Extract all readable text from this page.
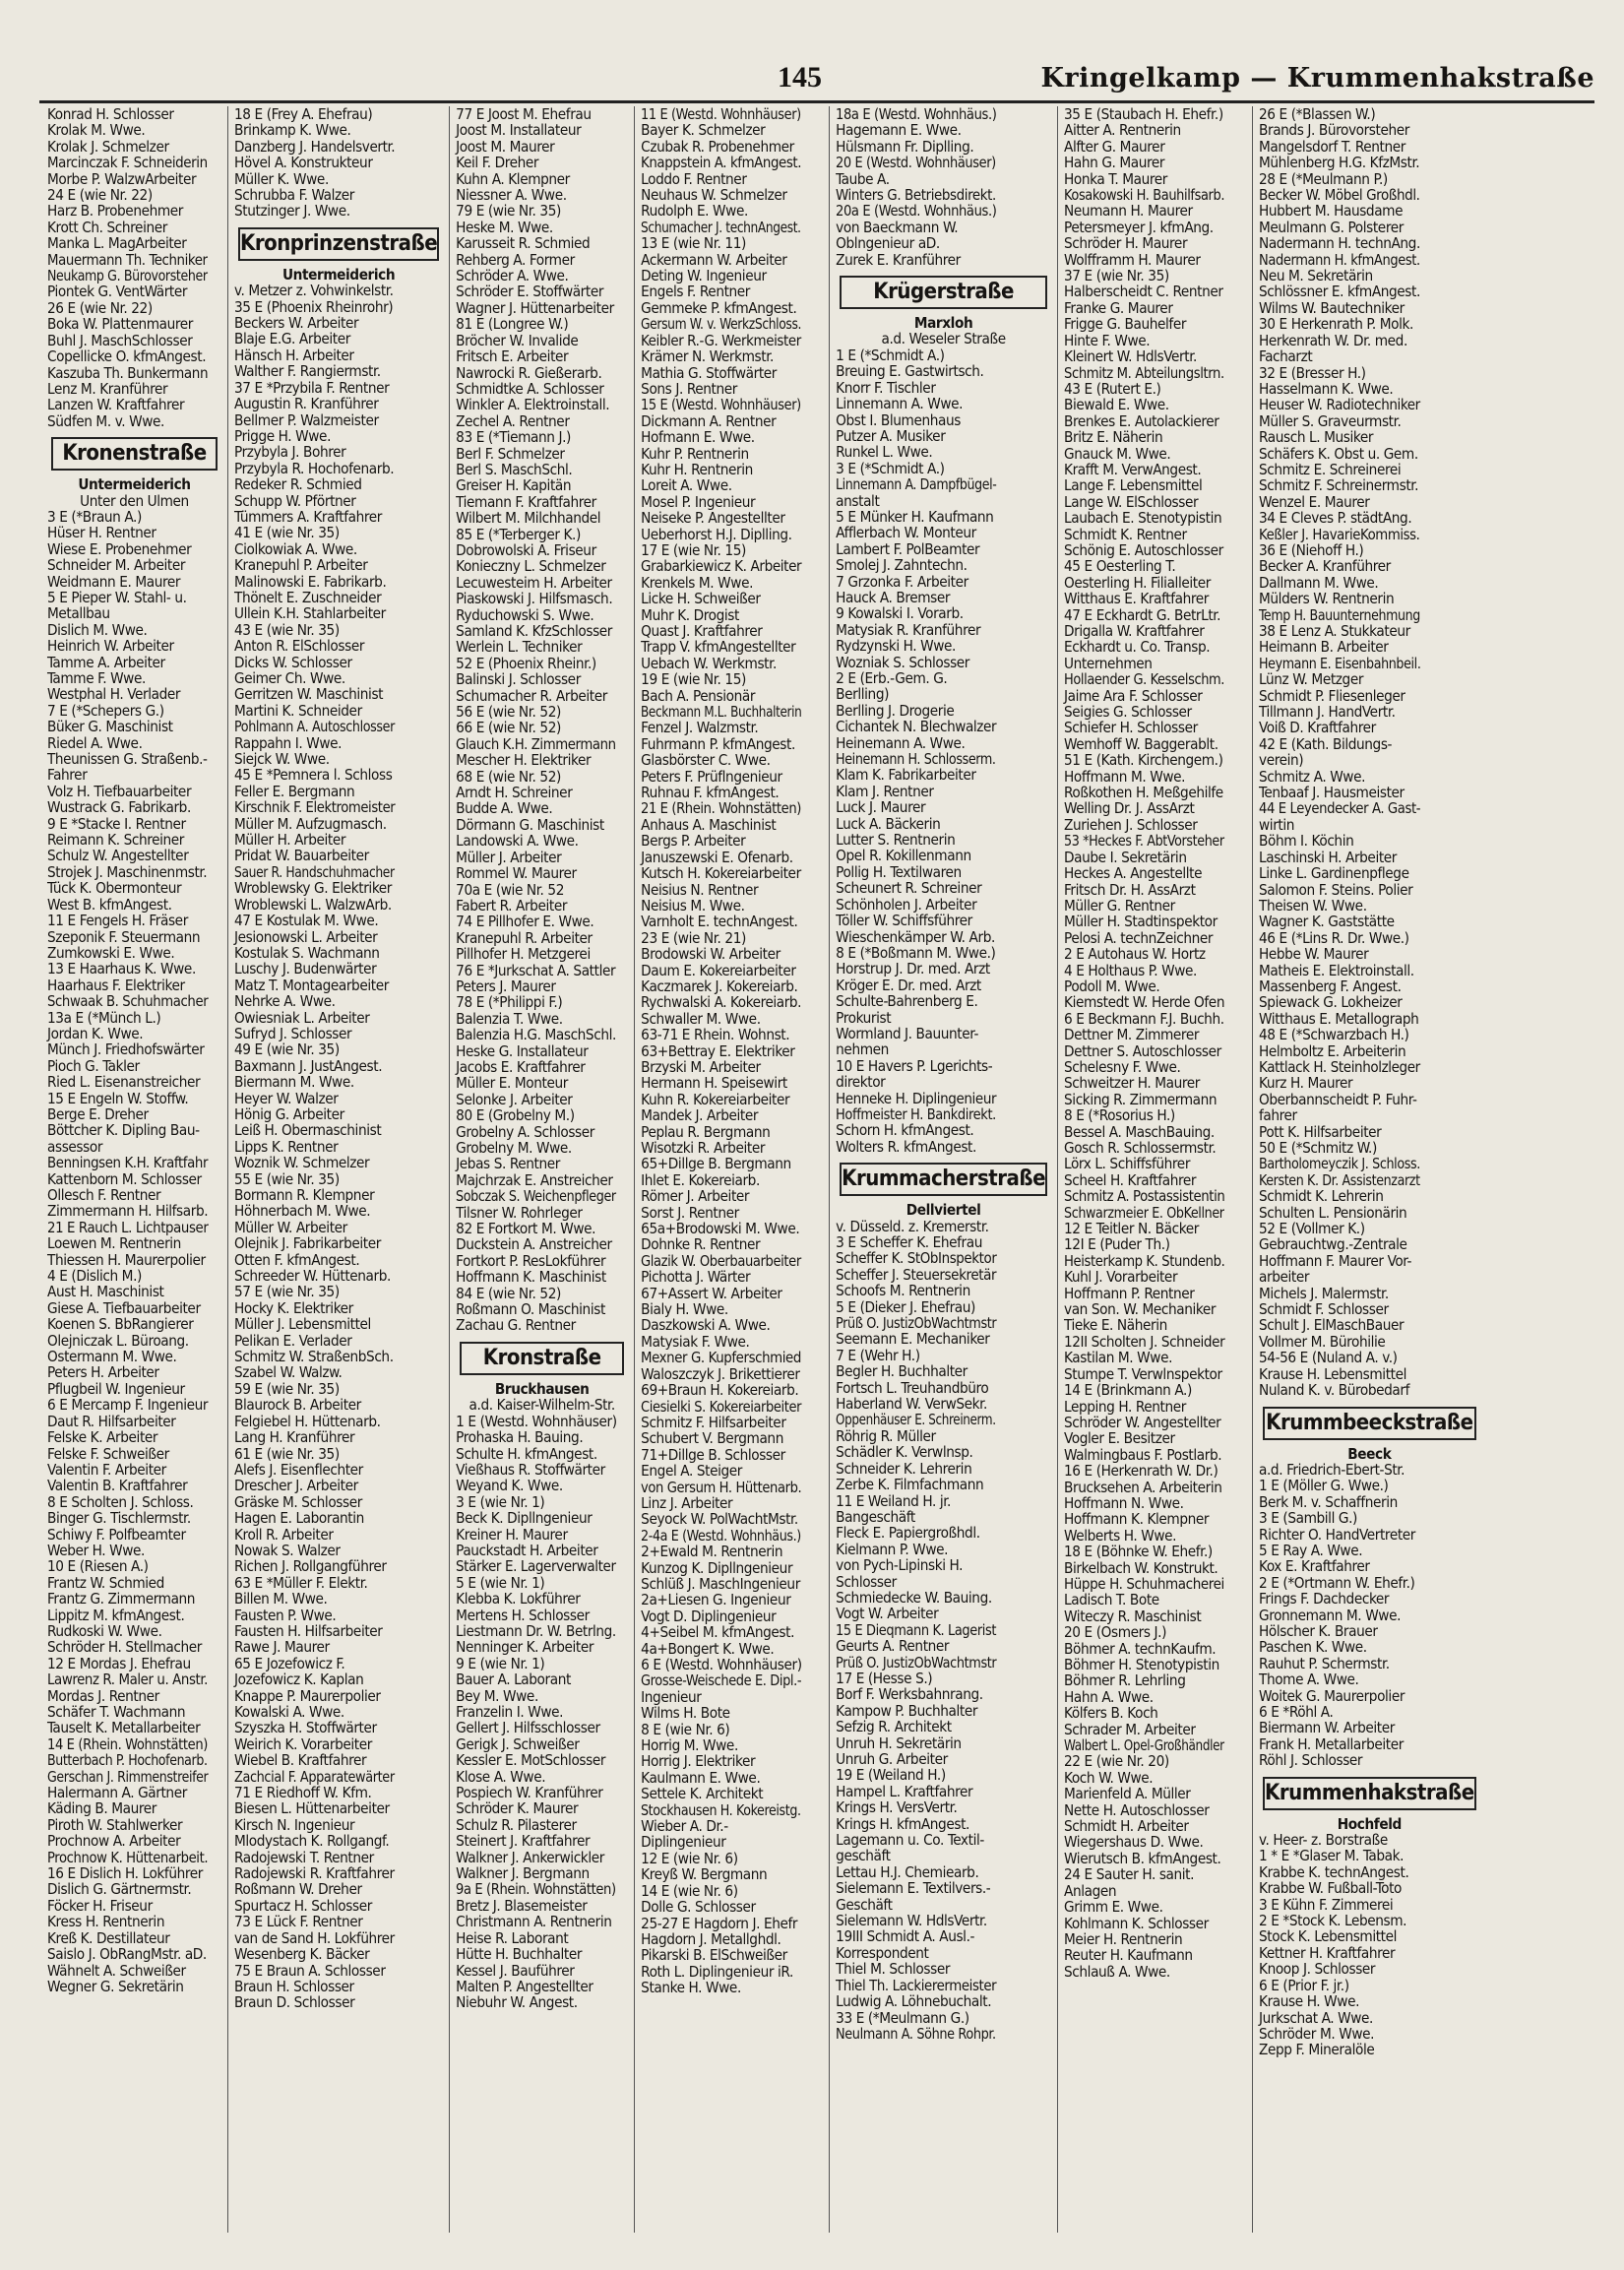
145	Kringelkamp — Krummenhakstraße
Konrad H. Schlosser
Krolak M. Wwe.
Krolak J. Schmelzer
Marcinczak F. Schneiderin
Morbe P. WalzwArbeiter
24 E (wie Nr. 22)
Harz B. Probenehmer
Krott Ch. Schreiner
Manka L. MagArbeiter
Mauermann Th. Techniker
Neukamp G. Bürovorsteher
Piontek G. VentWärter
26 E (wie Nr. 22)
Boka W. Plattenmaurer
Buhl J. MaschSchlosser
Copellicke O. kfmAngest.
Kaszuba Th. Bunkermann
Lenz M. Kranführer
Lanzen W. Kraftfahrer
Südfen M. v. Wwe.
Kronenstraße
Untermeiderich
Unter den Ulmen
3 E (*Braun A.)
Hüser H. Rentner
Wiese E. Probenehmer
Schneider M. Arbeiter
Weidmann E. Maurer
5 E Pieper W. Stahl- u.
Metallbau
Dislich M. Wwe.
Heinrich W. Arbeiter
Tamme A. Arbeiter
Tamme F. Wwe.
Westphal H. Verlader
7 E (*Schepers G.)
Büker G. Maschinist
Riedel A. Wwe.
Theunissen G. Straßenb.-
Fahrer
Volz H. Tiefbauarbeiter
Wustrack G. Fabrikarb.
9 E *Stacke I. Rentner
Reimann K. Schreiner
Schulz W. Angestellter
Strojek J. Maschinenmstr.
Tück K. Obermonteur
West B. kfmAngest.
11 E Fengels H. Fräser
Szeponik F. Steuermann
Zumkowski E. Wwe.
13 E Haarhaus K. Wwe.
Haarhaus F. Elektriker
Schwaak B. Schuhmacher
13a E (*Münch L.)
Jordan K. Wwe.
Münch J. Friedhofswärter
Pioch G. Takler
Ried L. Eisenanstreicher
15 E Engeln W. Stoffw.
Berge E. Dreher
Böttcher K. Dipling Bau-
assessor
Benningsen K.H. Kraftfahr
Kattenborn M. Schlosser
Ollesch F. Rentner
Zimmermann H. Hilfsarb.
21 E Rauch L. Lichtpauser
Loewen M. Rentnerin
Thiessen H. Maurerpolier
4 E (Dislich M.)
Aust H. Maschinist
Giese A. Tiefbauarbeiter
Koenen S. BbRangierer
Olejniczak L. Büroang.
Ostermann M. Wwe.
Peters H. Arbeiter
Pflugbeil W. Ingenieur
6 E Mercamp F. Ingenieur
Daut R. Hilfsarbeiter
Felske K. Arbeiter
Felske F. Schweißer
Valentin F. Arbeiter
Valentin B. Kraftfahrer
8 E Scholten J. Schloss.
Binger G. Tischlermstr.
Schiwy F. Polfbeamter
Weber H. Wwe.
10 E (Riesen A.)
Frantz W. Schmied
Frantz G. Zimmermann
Lippitz M. kfmAngest.
Rudkoski W. Wwe.
Schröder H. Stellmacher
12 E Mordas J. Ehefrau
Lawrenz R. Maler u. Anstr.
Mordas J. Rentner
Schäfer T. Wachmann
Tauselt K. Metallarbeiter
14 E (Rhein. Wohnstätten)
Butterbach P. Hochofenarb.
Gerschan J. Rimmenstreifer
Halermann A. Gärtner
Käding B. Maurer
Piroth W. Stahlwerker
Prochnow A. Arbeiter
Prochnow K. Hüttenarbeit.
16 E Dislich H. Lokführer
Dislich G. Gärtnermstr.
Föcker H. Friseur
Kress H. Rentnerin
Kreß K. Destillateur
Saislo J. ObRangMstr. aD.
Wähnelt A. Schweißer
Wegner G. Sekretärin
18 E (Frey A. Ehefrau)
Brinkamp K. Wwe.
Danzberg J. Handelsvertr.
Hövel A. Konstrukteur
Müller K. Wwe.
Schrubba F. Walzer
Stutzinger J. Wwe.
Kronprinzenstraße
Untermeiderich
v. Metzer z. Vohwinkelstr.
35 E (Phoenix Rheinrohr)
Beckers W. Arbeiter
Blaje E.G. Arbeiter
Hänsch H. Arbeiter
Walther F. Rangiermstr.
37 E *Przybila F. Rentner
Augustin R. Kranführer
Bellmer P. Walzmeister
Prigge H. Wwe.
Przybyla J. Bohrer
Przybyla R. Hochofenarb.
Redeker R. Schmied
Schupp W. Pförtner
Tümmers A. Kraftfahrer
41 E (wie Nr. 35)
Ciolkowiak A. Wwe.
Kranepuhl P. Arbeiter
Malinowski E. Fabrikarb.
Thönelt E. Zuschneider
Ullein K.H. Stahlarbeiter
43 E (wie Nr. 35)
Anton R. ElSchlosser
Dicks W. Schlosser
Geimer Ch. Wwe.
Gerritzen W. Maschinist
Martini K. Schneider
Pohlmann A. Autoschlosser
Rappahn I. Wwe.
Siejck W. Wwe.
45 E *Pemnera l. Schloss
Feller E. Bergmann
Kirschnik F. Elektromeister
Müller M. Aufzugmasch.
Müller H. Arbeiter
Pridat W. Bauarbeiter
Sauer R. Handschuhmacher
Wroblewsky G. Elektriker
Wroblewski L. WalzwArb.
47 E Kostulak M. Wwe.
Jesionowski L. Arbeiter
Kostulak S. Wachmann
Luschy J. Budenwärter
Matz T. Montagearbeiter
Nehrke A. Wwe.
Owiesniak L. Arbeiter
Sufryd J. Schlosser
49 E (wie Nr. 35)
Baxmann J. JustAngest.
Biermann M. Wwe.
Heyer W. Walzer
Hönig G. Arbeiter
Leiß H. Obermaschinist
Lipps K. Rentner
Woznik W. Schmelzer
55 E (wie Nr. 35)
Bormann R. Klempner
Höhnerbach M. Wwe.
Müller W. Arbeiter
Olejnik J. Fabrikarbeiter
Otten F. kfmAngest.
Schreeder W. Hüttenarb.
57 E (wie Nr. 35)
Hocky K. Elektriker
Müller J. Lebensmittel
Pelikan E. Verlader
Schmitz W. StraßenbSch.
Szabel W. Walzw.
59 E (wie Nr. 35)
Blaurock B. Arbeiter
Felgiebel H. Hüttenarb.
Lang H. Kranführer
61 E (wie Nr. 35)
Alefs J. Eisenflechter
Drescher J. Arbeiter
Gräske M. Schlosser
Hagen E. Laborantin
Kroll R. Arbeiter
Nowak S. Walzer
Richen J. Rollgangführer
63 E *Müller F. Elektr.
Billen M. Wwe.
Fausten P. Wwe.
Fausten H. Hilfsarbeiter
Rawe J. Maurer
65 E Jozefowicz F.
Jozefowicz K. Kaplan
Knappe P. Maurerpolier
Kowalski A. Wwe.
Szyszka H. Stoffwärter
Weirich K. Vorarbeiter
Wiebel B. Kraftfahrer
Zachcial F. Apparatewärter
71 E Riedhoff W. Kfm.
Biesen L. Hüttenarbeiter
Kirsch N. Ingenieur
Mlodystach K. Rollgangf.
Radojewski T. Rentner
Radojewski R. Kraftfahrer
Roßmann W. Dreher
Spurtacz H. Schlosser
73 E Lück F. Rentner
van de Sand H. Lokführer
Wesenberg K. Bäcker
75 E Braun A. Schlosser
Braun H. Schlosser
Braun D. Schlosser
77 E Joost M. Ehefrau
Joost M. Installateur
Joost M. Maurer
Keil F. Dreher
Kuhn A. Klempner
Niessner A. Wwe.
79 E (wie Nr. 35)
Heske M. Wwe.
Karusseit R. Schmied
Rehberg A. Former
Schröder A. Wwe.
Schröder E. Stoffwärter
Wagner J. Hüttenarbeiter
81 E (Longree W.)
Bröcher W. Invalide
Fritsch E. Arbeiter
Nawrocki R. Gießerarb.
Schmidtke A. Schlosser
Winkler A. Elektroinstall.
Zechel A. Rentner
83 E (*Tiemann J.)
Berl F. Schmelzer
Berl S. MaschSchl.
Greiser H. Kapitän
Tiemann F. Kraftfahrer
Wilbert M. Milchhandel
85 E (*Terberger K.)
Dobrowolski A. Friseur
Konieczny L. Schmelzer
Lecuwesteim H. Arbeiter
Piaskowski J. Hilfsmasch.
Ryduchowski S. Wwe.
Samland K. KfzSchlosser
Werlein L. Techniker
52 E (Phoenix Rheinr.)
Balinski J. Schlosser
Schumacher R. Arbeiter
56 E (wie Nr. 52)
66 E (wie Nr. 52)
Glauch K.H. Zimmermann
Mescher H. Elektriker
68 E (wie Nr. 52)
Arndt H. Schreiner
Budde A. Wwe.
Dörmann G. Maschinist
Landowski A. Wwe.
Müller J. Arbeiter
Rommel W. Maurer
70a E (wie Nr. 52
Fabert R. Arbeiter
74 E Pillhofer E. Wwe.
Kranepuhl R. Arbeiter
Pillhofer H. Metzgerei
76 E *Jurkschat A. Sattler
Peters J. Maurer
78 E (*Philippi F.)
Balenzia T. Wwe.
Balenzia H.G. MaschSchl.
Heske G. Installateur
Jacobs E. Kraftfahrer
Müller E. Monteur
Selonke J. Arbeiter
80 E (Grobelny M.)
Grobelny A. Schlosser
Grobelny M. Wwe.
Jebas S. Rentner
Majchrzak E. Anstreicher
Sobczak S. Weichenpfleger
Tilsner W. Rohrleger
82 E Fortkort M. Wwe.
Duckstein A. Anstreicher
Fortkort P. ResLokführer
Hoffmann K. Maschinist
84 E (wie Nr. 52)
Roßmann O. Maschinist
Zachau G. Rentner
Kronstraße
Bruckhausen
a.d. Kaiser-Wilhelm-Str.
1 E (Westd. Wohnhäuser)
Prohaska H. Bauing.
Schulte H. kfmAngest.
Vießhaus R. Stoffwärter
Weyand K. Wwe.
3 E (wie Nr. 1)
Beck K. Dipllngenieur
Kreiner H. Maurer
Pauckstadt H. Arbeiter
Stärker E. Lagerverwalter
5 E (wie Nr. 1)
Klebba K. Lokführer
Mertens H. Schlosser
Liestmann Dr. W. Betrlng.
Nenninger K. Arbeiter
9 E (wie Nr. 1)
Bauer A. Laborant
Bey M. Wwe.
Franzelin I. Wwe.
Gellert J. Hilfsschlosser
Gerigk J. Schweißer
Kessler E. MotSchlosser
Klose A. Wwe.
Pospiech W. Kranführer
Schröder K. Maurer
Schulz R. Pilasterer
Steinert J. Kraftfahrer
Walkner J. Ankerwickler
Walkner J. Bergmann
9a E (Rhein. Wohnstätten)
Bretz J. Blasemeister
Christmann A. Rentnerin
Heise R. Laborant
Hütte H. Buchhalter
Kessel J. Bauführer
Malten P. Angestellter
Niebuhr W. Angest.
11 E (Westd. Wohnhäuser)
Bayer K. Schmelzer
Czubak R. Probenehmer
Knappstein A. kfmAngest.
Loddo F. Rentner
Neuhaus W. Schmelzer
Rudolph E. Wwe.
Schumacher J. technAngest.
13 E (wie Nr. 11)
Ackermann W. Arbeiter
Deting W. Ingenieur
Engels F. Rentner
Gemmeke P. kfmAngest.
Gersum W. v. WerkzSchloss.
Keibler R.-G. Werkmeister
Krämer N. Werkmstr.
Mathia G. Stoffwärter
Sons J. Rentner
15 E (Westd. Wohnhäuser)
Dickmann A. Rentner
Hofmann E. Wwe.
Kuhr P. Rentnerin
Kuhr H. Rentnerin
Loreit A. Wwe.
Mosel P. Ingenieur
Neiseke P. Angestellter
Ueberhorst H.J. Diplling.
17 E (wie Nr. 15)
Grabarkiewicz K. Arbeiter
Krenkels M. Wwe.
Licke H. Schweißer
Muhr K. Drogist
Quast J. Kraftfahrer
Trapp V. kfmAngestellter
Uebach W. Werkmstr.
19 E (wie Nr. 15)
Bach A. Pensionär
Beckmann M.L. Buchhalterin
Fenzel J. Walzmstr.
Fuhrmann P. kfmAngest.
Glasbörster C. Wwe.
Peters F. Prüflngenieur
Ruhnau F. kfmAngest.
21 E (Rhein. Wohnstätten)
Anhaus A. Maschinist
Bergs P. Arbeiter
Januszewski E. Ofenarb.
Kutsch H. Kokereiarbeiter
Neisius N. Rentner
Neisius M. Wwe.
Varnholt E. technAngest.
23 E (wie Nr. 21)
Brodowski W. Arbeiter
Daum E. Kokereiarbeiter
Kaczmarek J. Kokereiarb.
Rychwalski A. Kokereiarb.
Schwaller M. Wwe.
63-71 E Rhein. Wohnst.
63+Bettray E. Elektriker
Brzyski M. Arbeiter
Hermann H. Speisewirt
Kuhn R. Kokereiarbeiter
Mandek J. Arbeiter
Peplau R. Bergmann
Wisotzki R. Arbeiter
65+Dillge B. Bergmann
Ihlet E. Kokereiarb.
Römer J. Arbeiter
Sorst J. Rentner
65a+Brodowski M. Wwe.
Dohnke R. Rentner
Glazik W. Oberbauarbeiter
Pichotta J. Wärter
67+Assert W. Arbeiter
Bialy H. Wwe.
Daszkowski A. Wwe.
Matysiak F. Wwe.
Mexner G. Kupferschmied
Waloszczyk J. Brikettierer
69+Braun H. Kokereiarb.
Ciesielki S. Kokereiarbeiter
Schmitz F. Hilfsarbeiter
Schubert V. Bergmann
71+Dillge B. Schlosser
Engel A. Steiger
von Gersum H. Hüttenarb.
Linz J. Arbeiter
Seyock W. PolWachtMstr.
2-4a E (Westd. Wohnhäus.)
2+Ewald M. Rentnerin
Kunzog K. Dipllngenieur
Schlüß J. MaschIngenieur
2a+Liesen G. Ingenieur
Vogt D. Diplingenieur
4+Seibel M. kfmAngest.
4a+Bongert K. Wwe.
6 E (Westd. Wohnhäuser)
Grosse-Weischede E. Dipl.-
Ingenieur
Wilms H. Bote
8 E (wie Nr. 6)
Horrig M. Wwe.
Horrig J. Elektriker
Kaulmann E. Wwe.
Settele K. Architekt
Stockhausen H. Kokereistg.
Wieber A. Dr.-
Diplingenieur
12 E (wie Nr. 6)
Kreyß W. Bergmann
14 E (wie Nr. 6)
Dolle G. Schlosser
25-27 E Hagdorn J. Ehefr
Hagdorn J. Metallghdl.
Pikarski B. ElSchweißer
Roth L. Diplingenieur iR.
Stanke H. Wwe.
18a E (Westd. Wohnhäus.)
Hagemann E. Wwe.
Hülsmann Fr. Diplling.
20 E (Westd. Wohnhäuser)
Taube A.
Winters G. Betriebsdirekt.
20a E (Westd. Wohnhäus.)
von Baeckmann W.
Oblngenieur aD.
Zurek E. Kranführer
Krügerstraße
Marxloh
a.d. Weseler Straße
1 E (*Schmidt A.)
Breuing E. Gastwirtsch.
Knorr F. Tischler
Linnemann A. Wwe.
Obst I. Blumenhaus
Putzer A. Musiker
Runkel L. Wwe.
3 E (*Schmidt A.)
Linnemann A. Dampfbügel-
anstalt
5 E Münker H. Kaufmann
Afflerbach W. Monteur
Lambert F. PolBeamter
Smolej J. Zahntechn.
7 Grzonka F. Arbeiter
Hauck A. Bremser
9 Kowalski I. Vorarb.
Matysiak R. Kranführer
Rydzynski H. Wwe.
Wozniak S. Schlosser
2 E (Erb.-Gem. G.
Berlling)
Berlling J. Drogerie
Cichantek N. Blechwalzer
Heinemann A. Wwe.
Heinemann H. Schlosserm.
Klam K. Fabrikarbeiter
Klam J. Rentner
Luck J. Maurer
Luck A. Bäckerin
Lutter S. Rentnerin
Opel R. Kokillenmann
Pollig H. Textilwaren
Scheunert R. Schreiner
Schönholen J. Arbeiter
Töller W. Schiffsführer
Wieschenkämper W. Arb.
8 E (*Boßmann M. Wwe.)
Horstrup J. Dr. med. Arzt
Kröger E. Dr. med. Arzt
Schulte-Bahrenberg E.
Prokurist
Wormland J. Bauunter-
nehmen
10 E Havers P. Lgerichts-
direktor
Henneke H. Diplingenieur
Hoffmeister H. Bankdirekt.
Schorn H. kfmAngest.
Wolters R. kfmAngest.
Krummacherstraße
Dellviertel
v. Düsseld. z. Kremerstr.
3 E Scheffer K. Ehefrau
Scheffer K. StObInspektor
Scheffer J. Steuersekretär
Schoofs M. Rentnerin
5 E (Dieker J. Ehefrau)
Prüß O. JustizObWachtmstr
Seemann E. Mechaniker
7 E (Wehr H.)
Begler H. Buchhalter
Fortsch L. Treuhandbüro
Haberland W. VerwSekr.
Oppenhäuser E. Schreinerm.
Röhrig R. Müller
Schädler K. Verwlnsp.
Schneider K. Lehrerin
Zerbe K. Filmfachmann
11 E Weiland H. jr.
Bangeschäft
Fleck E. Papiergroßhdl.
Kielmann P. Wwe.
von Pych-Lipinski H.
Schlosser
Schmiedecke W. Bauing.
Vogt W. Arbeiter
15 E Dieqmann K. Lagerist
Geurts A. Rentner
Prüß O. JustizObWachtmstr
17 E (Hesse S.)
Borf F. Werksbahnrang.
Kampow P. Buchhalter
Sefzig R. Architekt
Unruh H. Sekretärin
Unruh G. Arbeiter
19 E (Weiland H.)
Hampel L. Kraftfahrer
Krings H. VersVertr.
Krings H. kfmAngest.
Lagemann u. Co. Textil-
geschäft
Lettau H.J. Chemiearb.
Sielemann E. Textilvers.-
Geschäft
Sielemann W. HdlsVertr.
19III Schmidt A. Ausl.-
Korrespondent
Thiel M. Schlosser
Thiel Th. Lackierermeister
Ludwig A. Löhnebuchalt.
33 E (*Meulmann G.)
Neulmann A. Söhne Rohpr.
35 E (Staubach H. Ehefr.)
Aitter A. Rentnerin
Alfter G. Maurer
Hahn G. Maurer
Honka T. Maurer
Kosakowski H. Bauhilfsarb.
Neumann H. Maurer
Petersmeyer J. kfmAng.
Schröder H. Maurer
Wolfframm H. Maurer
37 E (wie Nr. 35)
Halberscheidt C. Rentner
Franke G. Maurer
Frigge G. Bauhelfer
Hinte F. Wwe.
Kleinert W. HdlsVertr.
Schmitz M. Abteilungsltrn.
43 E (Rutert E.)
Biewald E. Wwe.
Brenkes E. Autolackierer
Britz E. Näherin
Gnauck M. Wwe.
Krafft M. VerwAngest.
Lange F. Lebensmittel
Lange W. ElSchlosser
Laubach E. Stenotypistin
Schmidt K. Rentner
Schönig E. Autoschlosser
45 E Oesterling T.
Oesterling H. Filialleiter
Witthaus E. Kraftfahrer
47 E Eckhardt G. BetrLtr.
Drigalla W. Kraftfahrer
Eckhardt u. Co. Transp.
Unternehmen
Hollaender G. Kesselschm.
Jaime Ara F. Schlosser
Seigies G. Schlosser
Schiefer H. Schlosser
Wemhoff W. Baggerablt.
51 E (Kath. Kirchengem.)
Hoffmann M. Wwe.
Roßkothen H. Meßgehilfe
Welling Dr. J. AssArzt
Zuriehen J. Schlosser
53 *Heckes F. AbtVorsteher
Daube I. Sekretärin
Heckes A. Angestellte
Fritsch Dr. H. AssArzt
Müller G. Rentner
Müller H. Stadtinspektor
Pelosi A. technZeichner
2 E Autohaus W. Hortz
4 E Holthaus P. Wwe.
Podoll M. Wwe.
Kiemstedt W. Herde Ofen
6 E Beckmann F.J. Buchh.
Dettner M. Zimmerer
Dettner S. Autoschlosser
Schelesny F. Wwe.
Schweitzer H. Maurer
Sicking R. Zimmermann
8 E (*Rosorius H.)
Bessel A. MaschBauing.
Gosch R. Schlossermstr.
Lörx L. Schiffsführer
Scheel H. Kraftfahrer
Schmitz A. Postassistentin
Schwarzmeier E. ObKellner
12 E Teitler N. Bäcker
12I E (Puder Th.)
Heisterkamp K. Stundenb.
Kuhl J. Vorarbeiter
Hoffmann P. Rentner
van Son. W. Mechaniker
Tieke E. Näherin
12II Scholten J. Schneider
Kastilan M. Wwe.
Stumpe T. Verwlnspektor
14 E (Brinkmann A.)
Lepping H. Rentner
Schröder W. Angestellter
Vogler E. Besitzer
Walmingbaus F. Postlarb.
16 E (Herkenrath W. Dr.)
Brucksehen A. Arbeiterin
Hoffmann N. Wwe.
Hoffmann K. Klempner
Welberts H. Wwe.
18 E (Böhnke W. Ehefr.)
Birkelbach W. Konstrukt.
Hüppe H. Schuhmacherei
Ladisch T. Bote
Witeczy R. Maschinist
20 E (Osmers J.)
Böhmer A. technKaufm.
Böhmer H. Stenotypistin
Böhmer R. Lehrling
Hahn A. Wwe.
Kölfers B. Koch
Schrader M. Arbeiter
Walbert L. Opel-Großhändler
22 E (wie Nr. 20)
Koch W. Wwe.
Marienfeld A. Müller
Nette H. Autoschlosser
Schmidt H. Arbeiter
Wiegershaus D. Wwe.
Wierutsch B. kfmAngest.
24 E Sauter H. sanit.
Anlagen
Grimm E. Wwe.
Kohlmann K. Schlosser
Meier H. Rentnerin
Reuter H. Kaufmann
Schlauß A. Wwe.
26 E (*Blassen W.)
Brands J. Bürovorsteher
Mangelsdorf T. Rentner
Mühlenberg H.G. KfzMstr.
28 E (*Meulmann P.)
Becker W. Möbel Großhdl.
Hubbert M. Hausdame
Meulmann G. Polsterer
Nadermann H. technAng.
Nadermann H. kfmAngest.
Neu M. Sekretärin
Schlössner E. kfmAngest.
Wilms W. Bautechniker
30 E Herkenrath P. Molk.
Herkenrath W. Dr. med.
Facharzt
32 E (Bresser H.)
Hasselmann K. Wwe.
Heuser W. Radiotechniker
Müller S. Graveurmstr.
Rausch L. Musiker
Schäfers K. Obst u. Gem.
Schmitz E. Schreinerei
Schmitz F. Schreinermstr.
Wenzel E. Maurer
34 E Cleves P. städtAng.
Keßler J. HavarieKommiss.
36 E (Niehoff H.)
Becker A. Kranführer
Dallmann M. Wwe.
Mülders W. Rentnerin
Temp H. Bauunternehmung
38 E Lenz A. Stukkateur
Heimann B. Arbeiter
Heymann E. Eisenbahnbeil.
Lünz W. Metzger
Schmidt P. Fliesenleger
Tillmann J. HandVertr.
Voiß D. Kraftfahrer
42 E (Kath. Bildungs-
verein)
Schmitz A. Wwe.
Tenbaaf J. Hausmeister
44 E Leyendecker A. Gast-
wirtin
Böhm I. Köchin
Laschinski H. Arbeiter
Linke L. Gardinenpflege
Salomon F. Steins. Polier
Theisen W. Wwe.
Wagner K. Gaststätte
46 E (*Lins R. Dr. Wwe.)
Hebbe W. Maurer
Matheis E. Elektroinstall.
Massenberg F. Angest.
Spiewack G. Lokheizer
Witthaus E. Metallograph
48 E (*Schwarzbach H.)
Helmboltz E. Arbeiterin
Kattlack H. Steinholzleger
Kurz H. Maurer
Oberbannscheidt P. Fuhr-
fahrer
Pott K. Hilfsarbeiter
50 E (*Schmitz W.)
Bartholomeyczik J. Schloss.
Kersten K. Dr. Assistenzarzt
Schmidt K. Lehrerin
Schulten L. Pensionärin
52 E (Vollmer K.)
Gebrauchtwg.-Zentrale
Hoffmann F. Maurer Vor-
arbeiter
Michels J. Malermstr.
Schmidt F. Schlosser
Schult J. ElMaschBauer
Vollmer M. Bürohilie
54-56 E (Nuland A. v.)
Krause H. Lebensmittel
Nuland K. v. Bürobedarf
Krummbeeckstraße
Beeck
a.d. Friedrich-Ebert-Str.
1 E (Möller G. Wwe.)
Berk M. v. Schaffnerin
3 E (Sambill G.)
Richter O. HandVertreter
5 E Ray A. Wwe.
Kox E. Kraftfahrer
2 E (*Ortmann W. Ehefr.)
Frings F. Dachdecker
Gronnemann M. Wwe.
Hölscher K. Brauer
Paschen K. Wwe.
Rauhut P. Schermstr.
Thome A. Wwe.
Woitek G. Maurerpolier
6 E *Röhl A.
Biermann W. Arbeiter
Frank H. Metallarbeiter
Röhl J. Schlosser
Krummenhakstraße
Hochfeld
v. Heer- z. Borstraße
1 * E *Glaser M. Tabak.
Krabbe K. technAngest.
Krabbe W. Fußball-Toto
3 E Kühn F. Zimmerei
2 E *Stock K. Lebensm.
Stock K. Lebensmittel
Kettner H. Kraftfahrer
Knoop J. Schlosser
6 E (Prior F. jr.)
Krause H. Wwe.
Jurkschat A. Wwe.
Schröder M. Wwe.
Zepp F. Mineralöle
